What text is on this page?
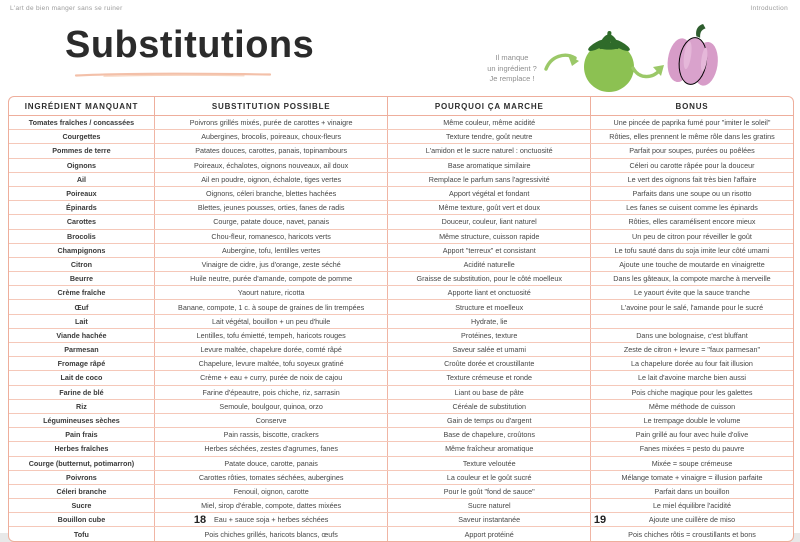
L'art de bien manger sans se ruiner	Introduction
Substitutions	Il manque
un ingrédient ?
Je remplace !
INGRÉDIENT MANQUANT	SUBSTITUTION POSSIBLE	POURQUOI ÇA MARCHE	BONUS
Tomates fraîches / concassées	Poivrons grillés mixés, purée de carottes + vinaigre	Même couleur, même acidité	Une pincée de paprika fumé pour "imiter le soleil"
Courgettes	Aubergines, brocolis, poireaux, choux-fleurs	Texture tendre, goût neutre	Rôties, elles prennent le même rôle dans les gratins
Pommes de terre	Patates douces, carottes, panais, topinambours	L'amidon et le sucre naturel : onctuosité	Parfait pour soupes, purées ou poêlées
Oignons	Poireaux, échalotes, oignons nouveaux, ail doux	Base aromatique similaire	Céleri ou carotte râpée pour la douceur
Ail	Ail en poudre, oignon, échalote, tiges vertes	Remplace le parfum sans l'agressivité	Le vert des oignons fait très bien l'affaire
Poireaux	Oignons, céleri branche, blettes hachées	Apport végétal et fondant	Parfaits dans une soupe ou un risotto
Épinards	Blettes, jeunes pousses, orties, fanes de radis	Même texture, goût vert et doux	Les fanes se cuisent comme les épinards
Carottes	Courge, patate douce, navet, panais	Douceur, couleur, liant naturel	Rôties, elles caramélisent encore mieux
Brocolis	Chou-fleur, romanesco, haricots verts	Même structure, cuisson rapide	Un peu de citron pour réveiller le goût
Champignons	Aubergine, tofu, lentilles vertes	Apport "terreux" et consistant	Le tofu sauté dans du soja imite leur côté umami
Citron	Vinaigre de cidre, jus d'orange, zeste séché	Acidité naturelle	Ajoute une touche de moutarde en vinaigrette
Beurre	Huile neutre, purée d'amande, compote de pomme	Graisse de substitution, pour le côté moelleux	Dans les gâteaux, la compote marche à merveille
Crème fraîche	Yaourt nature, ricotta	Apporte liant et onctuosité	Le yaourt évite que la sauce tranche
Œuf	Banane, compote, 1 c. à soupe de graines de lin trempées	Structure et moelleux	L'avoine pour le salé, l'amande pour le sucré
Lait	Lait végétal, bouillon + un peu d'huile	Hydrate, lie	
Viande hachée	Lentilles, tofu émietté, tempeh, haricots rouges	Protéines, texture	Dans une bolognaise, c'est bluffant
Parmesan	Levure maltée, chapelure dorée, comté râpé	Saveur salée et umami	Zeste de citron + levure = "faux parmesan"
Fromage râpé	Chapelure, levure maltée, tofu soyeux gratiné	Croûte dorée et croustillante	La chapelure dorée au four fait illusion
Lait de coco	Crème + eau + curry, purée de noix de cajou	Texture crémeuse et ronde	Le lait d'avoine marche bien aussi
Farine de blé	Farine d'épeautre, pois chiche, riz, sarrasin	Liant ou base de pâte	Pois chiche magique pour les galettes
Riz	Semoule, boulgour, quinoa, orzo	Céréale de substitution	Même méthode de cuisson
Légumineuses sèches	Conserve	Gain de temps ou d'argent	Le trempage double le volume
Pain frais	Pain rassis, biscotte, crackers	Base de chapelure, croûtons	Pain grillé au four avec huile d'olive
Herbes fraîches	Herbes séchées, zestes d'agrumes, fanes	Même fraîcheur aromatique	Fanes mixées = pesto du pauvre
Courge (butternut, potimarron)	Patate douce, carotte, panais	Texture veloutée	Mixée = soupe crémeuse
Poivrons	Carottes rôties, tomates séchées, aubergines	La couleur et le goût sucré	Mélange tomate + vinaigre = illusion parfaite
Céleri branche	Fenouil, oignon, carotte	Pour le goût "fond de sauce"	Parfait dans un bouillon
Sucre	Miel, sirop d'érable, compote, dattes mixées	Sucre naturel	Le miel équilibre l'acidité
Bouillon cube	Eau + sauce soja + herbes séchées	Saveur instantanée	Ajoute une cuillère de miso
Tofu	Pois chiches grillés, haricots blancs, œufs	Apport protéiné	Pois chiches rôtis = croustillants et bons
18	19
